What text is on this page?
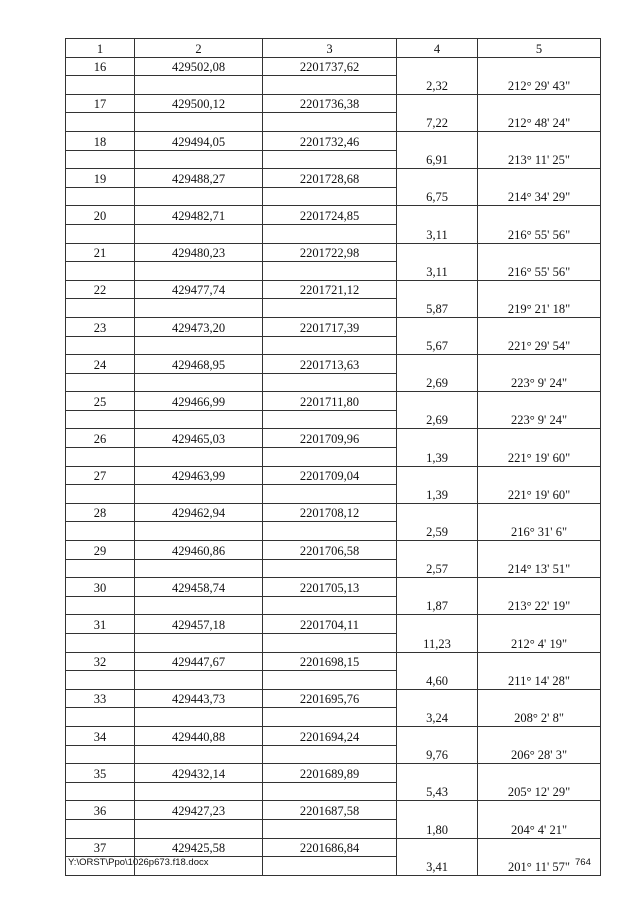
1	2	3	4	5
16	429502,08	2201737,62		
			2,32	212° 29' 43"
17	429500,12	2201736,38		
			7,22	212° 48' 24"
18	429494,05	2201732,46		
			6,91	213° 11' 25"
19	429488,27	2201728,68		
			6,75	214° 34' 29"
20	429482,71	2201724,85		
			3,11	216° 55' 56"
21	429480,23	2201722,98		
			3,11	216° 55' 56"
22	429477,74	2201721,12		
			5,87	219° 21' 18"
23	429473,20	2201717,39		
			5,67	221° 29' 54"
24	429468,95	2201713,63		
			2,69	223° 9' 24"
25	429466,99	2201711,80		
			2,69	223° 9' 24"
26	429465,03	2201709,96		
			1,39	221° 19' 60"
27	429463,99	2201709,04		
			1,39	221° 19' 60"
28	429462,94	2201708,12		
			2,59	216° 31' 6"
29	429460,86	2201706,58		
			2,57	214° 13' 51"
30	429458,74	2201705,13		
			1,87	213° 22' 19"
31	429457,18	2201704,11		
			11,23	212° 4' 19"
32	429447,67	2201698,15		
			4,60	211° 14' 28"
33	429443,73	2201695,76		
			3,24	208° 2' 8"
34	429440,88	2201694,24		
			9,76	206° 28' 3"
35	429432,14	2201689,89		
			5,43	205° 12' 29"
36	429427,23	2201687,58		
			1,80	204° 4' 21"
37	429425,58	2201686,84		
			3,41	201° 11' 57"
Y:\ORST\Ppo\1026p673.f18.docx	764
